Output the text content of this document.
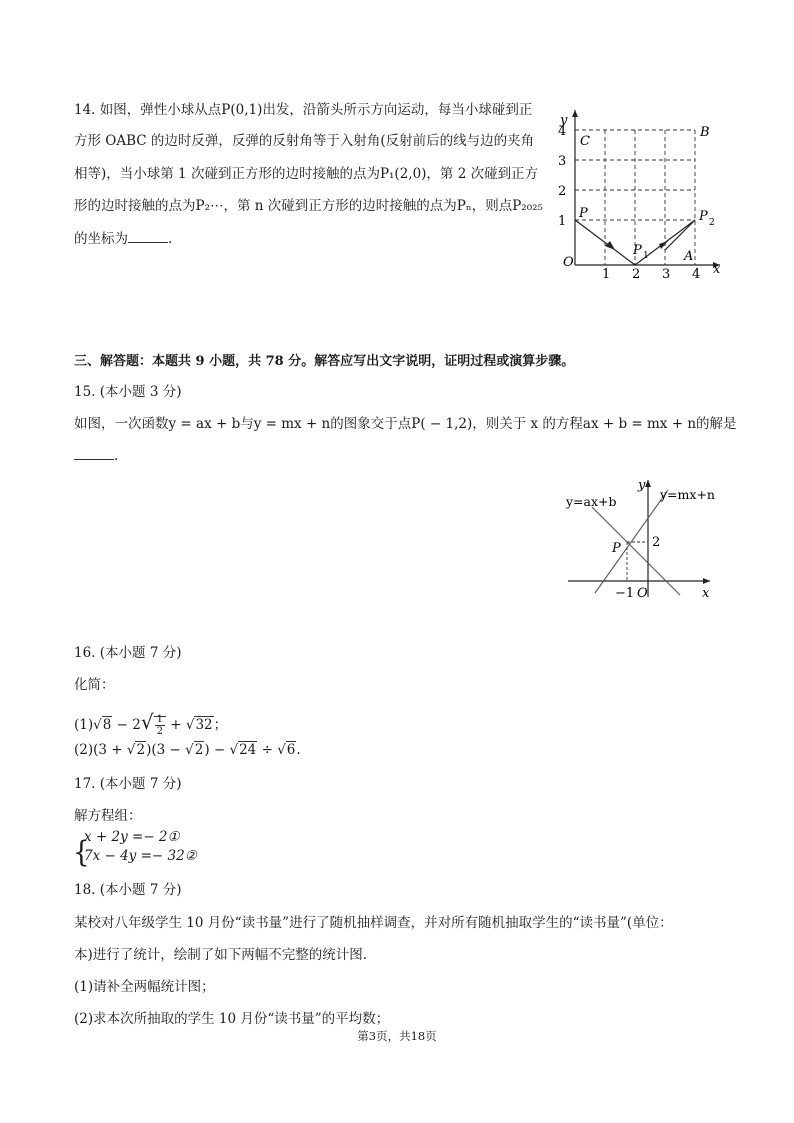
14. 如图，弹性小球从点P(0,1)出发，沿箭头所示方向运动，每当小球碰到正
方形 OABC 的边时反弹，反弹的反射角等于入射角(反射前后的线与边的夹角
相等)，当小球第 1 次碰到正方形的边时接触的点为P₁(2,0)，第 2 次碰到正方
形的边时接触的点为P₂⋯，第 n 次碰到正方形的边时接触的点为Pₙ，则点P₂₀₂₅
的坐标为	.
y
x
O
1 2 3 4
1
2
3
4
C
B
A
P
P 1
P 2
三、解答题：本题共 9 小题，共 78 分。解答应写出文字说明，证明过程或演算步骤。
15. (本小题 3 分)
如图，一次函数y = ax + b与y = mx + n的图象交于点P( − 1,2)，则关于 x 的方程ax + b = mx + n的解是
.
y=ax+b	y=mx+n
y
x
P 2
−1 O
16. (本小题 7 分)
化简：
$(1)√8 - 2√ \frac{1}{2} + √32$；
(2)(3 + √2)(3 − √2) − √24 ÷ √6.
17. (本小题 7 分)
解方程组：
{
x + 2y =− 2①
7x − 4y =− 32②
18. (本小题 7 分)
某校对八年级学生 10 月份“读书量”进行了随机抽样调查，并对所有随机抽取学生的“读书量”(单位：
本)进行了统计，绘制了如下两幅不完整的统计图.
(1)请补全两幅统计图；
(2)求本次所抽取的学生 10 月份“读书量”的平均数；
第3页，共18页
